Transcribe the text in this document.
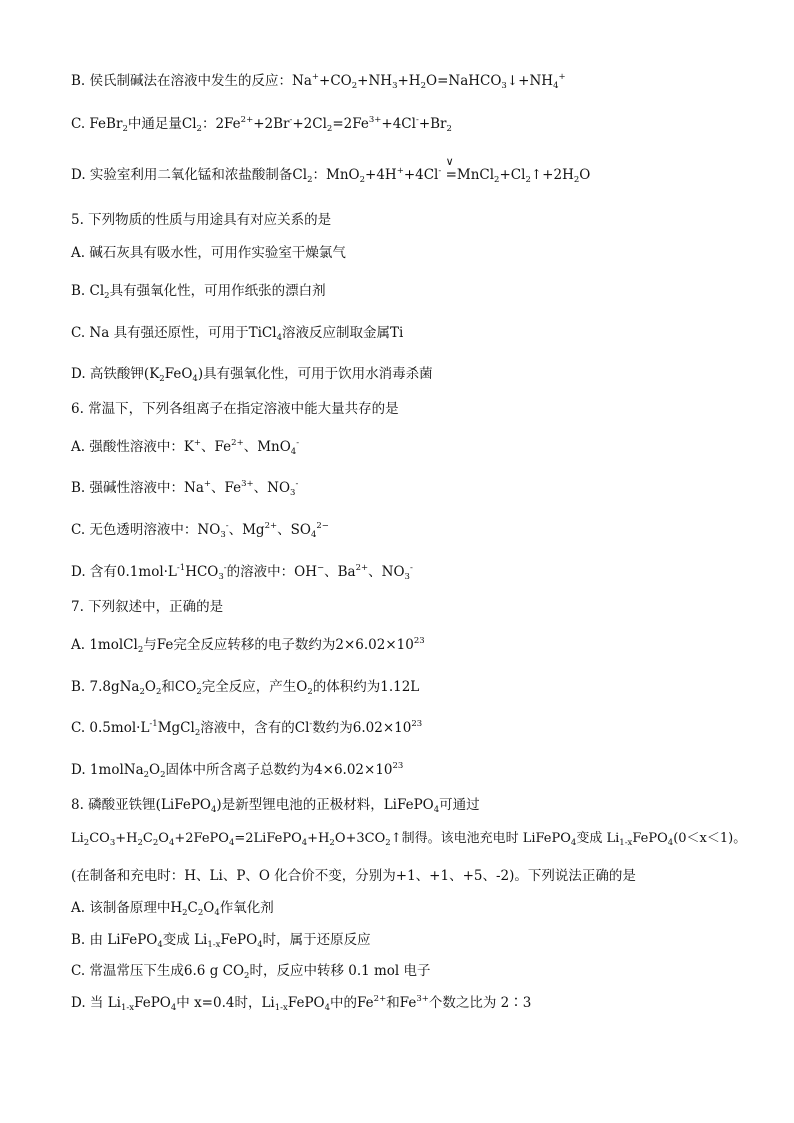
B. 侯氏制碱法在溶液中发生的反应：$Na^++CO_2+NH_3+H_2O=NaHCO_3↓+NH_4^+$
C. FeBr$_2$中通足量$Cl_2$：$2Fe^{2+}+2Br^-+2Cl_2=2Fe^{3+}+4Cl^-+Br_2$
D. 实验室利用二氧化锰和浓盐酸制备$Cl_2$：MnO$_2$+4H++4Cl- ∨ $=MnCl_2+Cl_2↑+2H_2O$
5. 下列物质的性质与用途具有对应关系的是
A. 碱石灰具有吸水性，可用作实验室干燥氯气
B. $Cl_2$具有强氧化性，可用作纸张的漂白剂
C. Na 具有强还原性，可用于TiCl$_4$溶液反应制取金属Ti
D. 高铁酸钾$(K_2FeO_4)$具有强氧化性，可用于饮用水消毒杀菌
6. 常温下，下列各组离子在指定溶液中能大量共存的是
A. 强酸性溶液中：K+、$Fe^{2+}$、MnO$_4$-
B. 强碱性溶液中：Na+、$Fe^{3+}$、$NO_3^-$
C. 无色透明溶液中：$NO_3^-$、$Mg^{2+}$、$SO_4^{2-}$
D. 含有$0.1mol\cdot L^{-1}HCO_3^-$的溶液中：OH−、$Ba^{2+}$、$NO_3^-$
7. 下列叙述中，正确的是
A. 1molCl$_2$与Fe完全反应转移的电子数约为$2\times 6.02\times 10^{23}$
B. $7.8gNa_2O_2$和$CO_2$完全反应，产生$O_2$的体积约为1.12L
C. $0.5mol\cdot L^{-1}MgCl_2$溶液中，含有的Cl-数约为$6.02\times 10^{23}$
D. $1molNa_2O_2$固体中所含离子总数约为$4\times 6.02\times 10^{23}$
8. 磷酸亚铁锂(LiFePO$_4$)是新型锂电池的正极材料，LiFePO$_4$可通过
$Li_2CO_3+H_2C_2O_4+2FePO_4=2LiFePO_4+H_2O+3CO_2↑$制得。该电池充电时 LiFePO$_4$变成 $Li_{1-x}FePO_4(0<x<1)$。
(在制备和充电时：H、Li、P、O 化合价不变，分别为+1、+1、+5、-2)。下列说法正确的是
A. 该制备原理中$H_2C_2O_4$作氧化剂
B. 由 LiFePO$_4$变成 $Li_{1-x}FePO_4$时，属于还原反应
C. 常温常压下生成6.6 g $CO_2$时，反应中转移 0.1 mol 电子
D. 当 $Li_{1-x}FePO_4$中 x=0.4时，$Li_{1-x}FePO_4$中的$Fe^{2+}$和$Fe^{3+}$个数之比为 2∶3
